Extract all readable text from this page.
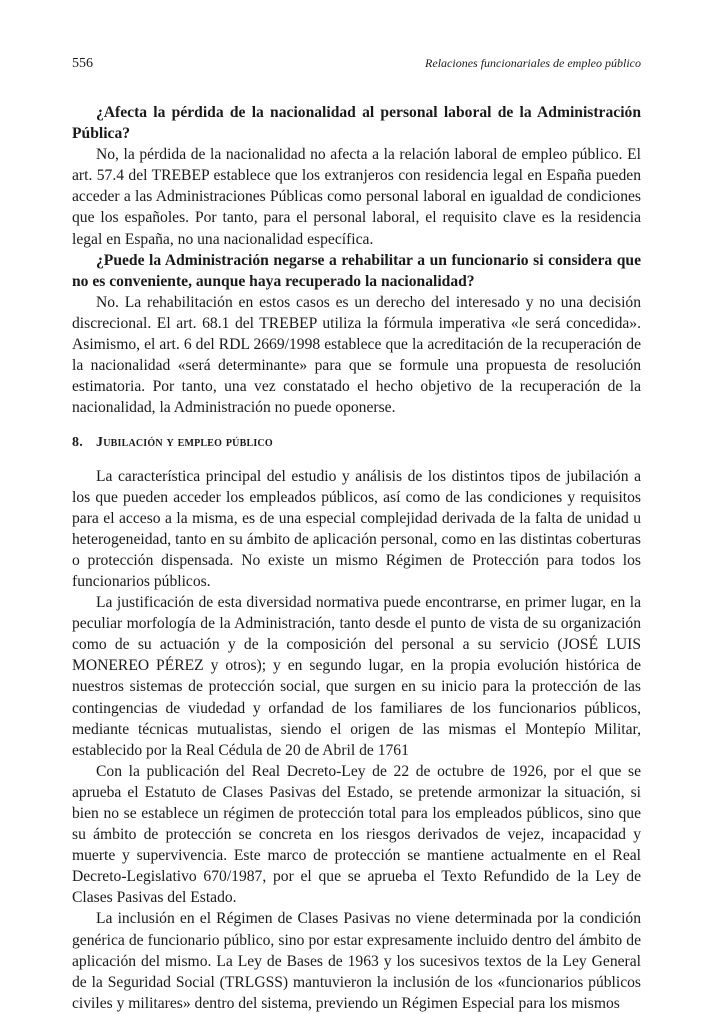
556	Relaciones funcionariales de empleo público

¿Afecta la pérdida de la nacionalidad al personal laboral de la Administración Pública?

No, la pérdida de la nacionalidad no afecta a la relación laboral de empleo público. El art. 57.4 del TREBEP establece que los extranjeros con residencia legal en España pueden acceder a las Administraciones Públicas como personal laboral en igualdad de condiciones que los españoles. Por tanto, para el personal laboral, el requisito clave es la residencia legal en España, no una nacionalidad específica.

¿Puede la Administración negarse a rehabilitar a un funcionario si considera que no es conveniente, aunque haya recuperado la nacionalidad?

No. La rehabilitación en estos casos es un derecho del interesado y no una decisión discrecional. El art. 68.1 del TREBEP utiliza la fórmula imperativa «le será concedida». Asimismo, el art. 6 del RDL 2669/1998 establece que la acreditación de la recuperación de la nacionalidad «será determinante» para que se formule una propuesta de resolución estimatoria. Por tanto, una vez constatado el hecho objetivo de la recuperación de la nacionalidad, la Administración no puede oponerse.

8. Jubilación y empleo público

La característica principal del estudio y análisis de los distintos tipos de jubilación a los que pueden acceder los empleados públicos, así como de las condiciones y requisitos para el acceso a la misma, es de una especial complejidad derivada de la falta de unidad u heterogeneidad, tanto en su ámbito de aplicación personal, como en las distintas coberturas o protección dispensada. No existe un mismo Régimen de Protección para todos los funcionarios públicos.

La justificación de esta diversidad normativa puede encontrarse, en primer lugar, en la peculiar morfología de la Administración, tanto desde el punto de vista de su organización como de su actuación y de la composición del personal a su servicio (JOSÉ LUIS MONEREO PÉREZ y otros); y en segundo lugar, en la propia evolución histórica de nuestros sistemas de protección social, que surgen en su inicio para la protección de las contingencias de viudedad y orfandad de los familiares de los funcionarios públicos, mediante técnicas mutualistas, siendo el origen de las mismas el Montepío Militar, establecido por la Real Cédula de 20 de Abril de 1761

Con la publicación del Real Decreto-Ley de 22 de octubre de 1926, por el que se aprueba el Estatuto de Clases Pasivas del Estado, se pretende armonizar la situación, si bien no se establece un régimen de protección total para los empleados públicos, sino que su ámbito de protección se concreta en los riesgos derivados de vejez, incapacidad y muerte y supervivencia. Este marco de protección se mantiene actualmente en el Real Decreto-Legislativo 670/1987, por el que se aprueba el Texto Refundido de la Ley de Clases Pasivas del Estado.

La inclusión en el Régimen de Clases Pasivas no viene determinada por la condición genérica de funcionario público, sino por estar expresamente incluido dentro del ámbito de aplicación del mismo. La Ley de Bases de 1963 y los sucesivos textos de la Ley General de la Seguridad Social (TRLGSS) mantuvieron la inclusión de los «funcionarios públicos civiles y militares» dentro del sistema, previendo un Régimen Especial para los mismos
